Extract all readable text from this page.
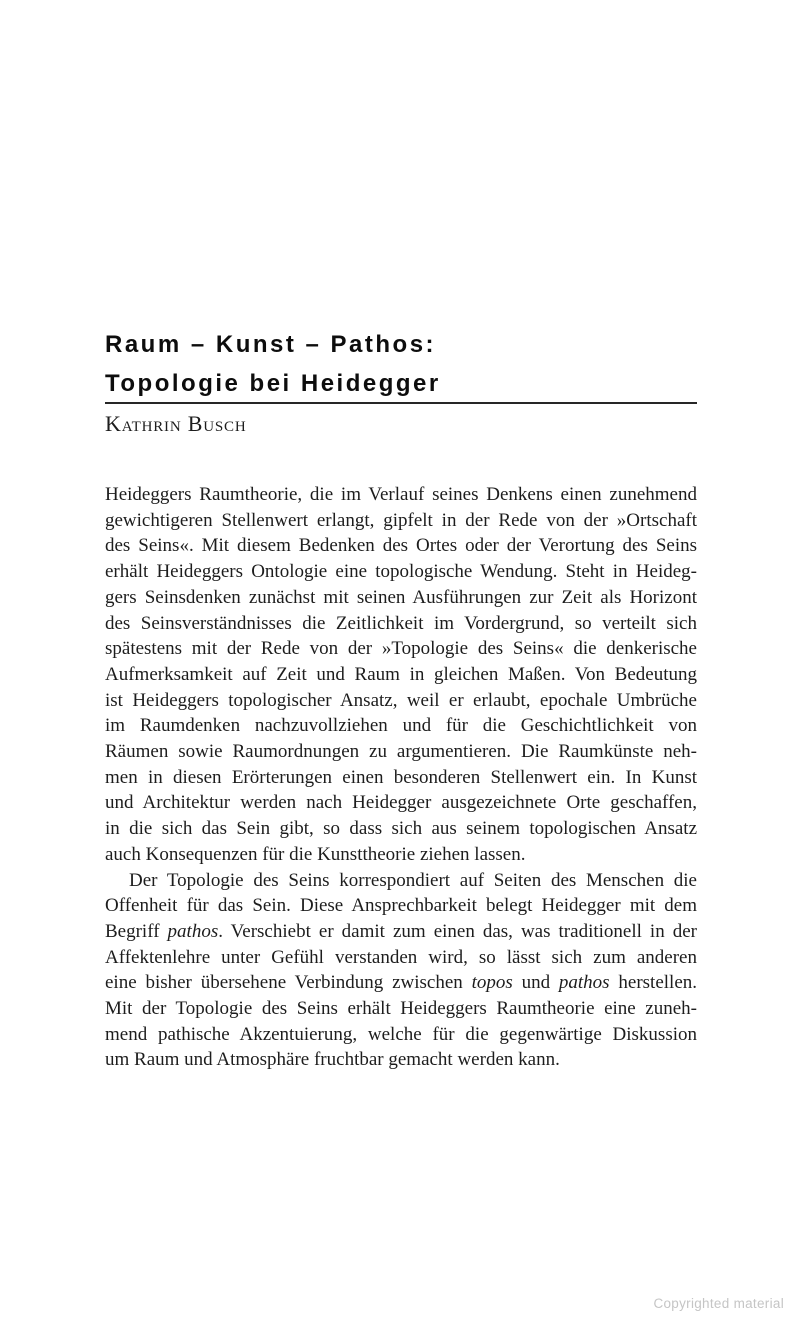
Raum – Kunst – Pathos:
Topologie bei Heidegger
Kathrin Busch
Heideggers Raumtheorie, die im Verlauf seines Denkens einen zunehmend
gewichtigeren Stellenwert erlangt, gipfelt in der Rede von der »Ortschaft
des Seins«. Mit diesem Bedenken des Ortes oder der Verortung des Seins
erhält Heideggers Ontologie eine topologische Wendung. Steht in Heideg-
gers Seinsdenken zunächst mit seinen Ausführungen zur Zeit als Horizont
des Seinsverständnisses die Zeitlichkeit im Vordergrund, so verteilt sich
spätestens mit der Rede von der »Topologie des Seins« die denkerische
Aufmerksamkeit auf Zeit und Raum in gleichen Maßen. Von Bedeutung
ist Heideggers topologischer Ansatz, weil er erlaubt, epochale Umbrüche
im Raumdenken nachzuvollziehen und für die Geschichtlichkeit von
Räumen sowie Raumordnungen zu argumentieren. Die Raumkünste neh-
men in diesen Erörterungen einen besonderen Stellenwert ein. In Kunst
und Architektur werden nach Heidegger ausgezeichnete Orte geschaffen,
in die sich das Sein gibt, so dass sich aus seinem topologischen Ansatz
auch Konsequenzen für die Kunsttheorie ziehen lassen.
Der Topologie des Seins korrespondiert auf Seiten des Menschen die
Offenheit für das Sein. Diese Ansprechbarkeit belegt Heidegger mit dem
Begriff pathos. Verschiebt er damit zum einen das, was traditionell in der
Affektenlehre unter Gefühl verstanden wird, so lässt sich zum anderen
eine bisher übersehene Verbindung zwischen topos und pathos herstellen.
Mit der Topologie des Seins erhält Heideggers Raumtheorie eine zuneh-
mend pathische Akzentuierung, welche für die gegenwärtige Diskussion
um Raum und Atmosphäre fruchtbar gemacht werden kann.
Copyrighted material
